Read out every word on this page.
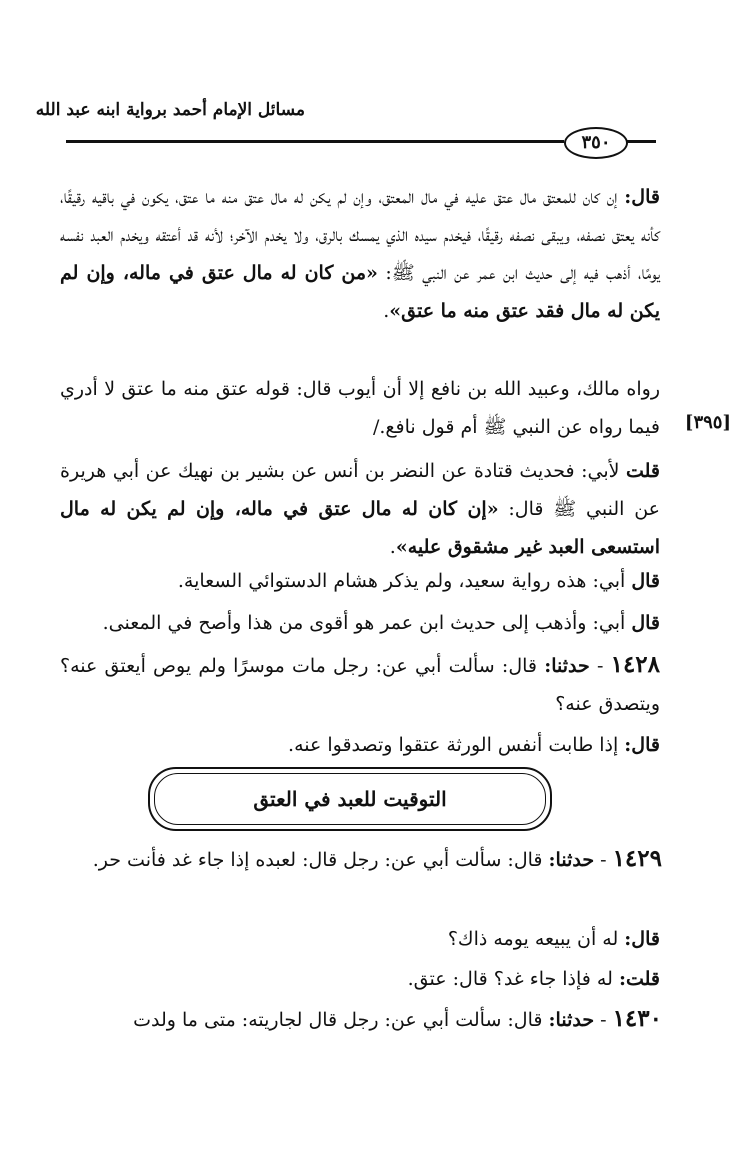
مسائل الإمام أحمد برواية ابنه عبد الله
٣٥٠
[٣٩٥]
قال: إن كان للمعتق مال عتق عليه في مال المعتق، وإن لم يكن له مال عتق منه ما عتق، يكون في باقيه رقيقًا، كأنه يعتق نصفه، ويبقى نصفه رقيقًا، فيخدم سيده الذي يمسك بالرق، ولا يخدم الآخر؛ لأنه قد أعتقه ويخدم العبد نفسه يومًا، أذهب فيه إلى حديث ابن عمر عن النبي ﷺ: «من كان له مال عتق في ماله، وإن لم يكن له مال فقد عتق منه ما عتق».
رواه مالك، وعبيد الله بن نافع إلا أن أيوب قال: قوله عتق منه ما عتق لا أدري فيما رواه عن النبي ﷺ أم قول نافع./
قلت لأبي: فحديث قتادة عن النضر بن أنس عن بشير بن نهيك عن أبي هريرة عن النبي ﷺ قال: «إن كان له مال عتق في ماله، وإن لم يكن له مال استسعى العبد غير مشقوق عليه».
قال أبي: هذه رواية سعيد، ولم يذكر هشام الدستوائي السعاية.
قال أبي: وأذهب إلى حديث ابن عمر هو أقوى من هذا وأصح في المعنى.
١٤٢٨ - حدثنا: قال: سألت أبي عن: رجل مات موسرًا ولم يوص أيعتق عنه؟ ويتصدق عنه؟
قال: إذا طابت أنفس الورثة عتقوا وتصدقوا عنه.
التوقيت للعبد في العتق
١٤٢٩ - حدثنا: قال: سألت أبي عن: رجل قال: لعبده إذا جاء غد فأنت حر.
قال: له أن يبيعه يومه ذاك؟
قلت: له فإذا جاء غد؟ قال: عتق.
١٤٣٠ - حدثنا: قال: سألت أبي عن: رجل قال لجاريته: متى ما ولدت
